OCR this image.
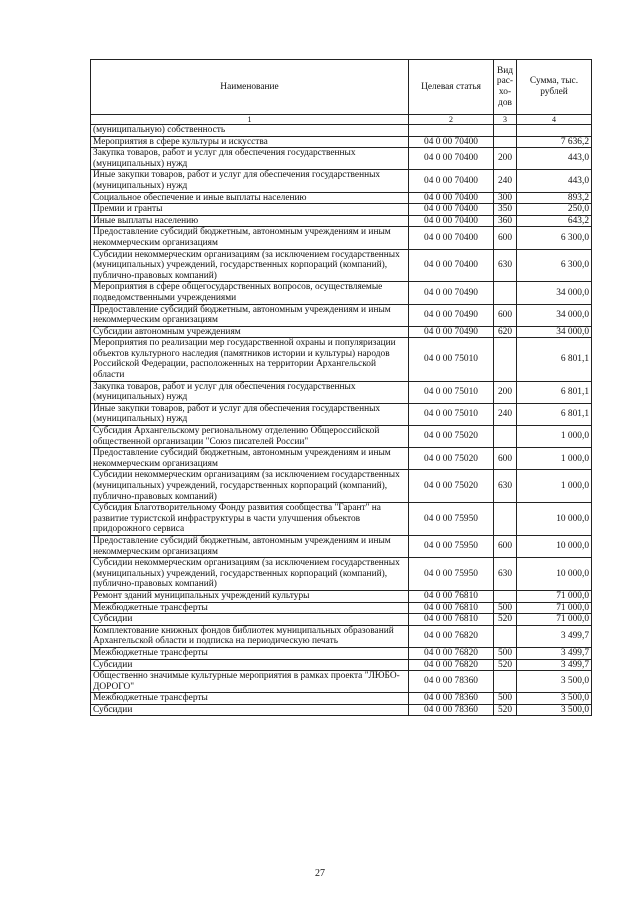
Наименование	Целевая статья	Вид рас-хо-дов	Сумма, тыс. рублей
1	2	3	4
(муниципальную) собственность			
Мероприятия в сфере культуры и искусства	04 0 00 70400		7 636,2
Закупка товаров, работ и услуг для обеспечения государственных (муниципальных) нужд	04 0 00 70400	200	443,0
Иные закупки товаров, работ и услуг для обеспечения государственных (муниципальных) нужд	04 0 00 70400	240	443,0
Социальное обеспечение и иные выплаты населению	04 0 00 70400	300	893,2
Премии и гранты	04 0 00 70400	350	250,0
Иные выплаты населению	04 0 00 70400	360	643,2
Предоставление субсидий бюджетным, автономным учреждениям и иным некоммерческим организациям	04 0 00 70400	600	6 300,0
Субсидии некоммерческим организациям (за исключением государственных (муниципальных) учреждений, государственных корпораций (компаний), публично-правовых компаний)	04 0 00 70400	630	6 300,0
Мероприятия в сфере общегосударственных вопросов, осуществляемые подведомственными учреждениями	04 0 00 70490		34 000,0
Предоставление субсидий бюджетным, автономным учреждениям и иным некоммерческим организациям	04 0 00 70490	600	34 000,0
Субсидии автономным учреждениям	04 0 00 70490	620	34 000,0
Мероприятия по реализации мер государственной охраны и популяризации объектов культурного наследия (памятников истории и культуры) народов Российской Федерации, расположенных на территории Архангельской области	04 0 00 75010		6 801,1
Закупка товаров, работ и услуг для обеспечения государственных (муниципальных) нужд	04 0 00 75010	200	6 801,1
Иные закупки товаров, работ и услуг для обеспечения государственных (муниципальных) нужд	04 0 00 75010	240	6 801,1
Субсидия Архангельскому региональному отделению Общероссийской общественной организации "Союз писателей России"	04 0 00 75020		1 000,0
Предоставление субсидий бюджетным, автономным учреждениям и иным некоммерческим организациям	04 0 00 75020	600	1 000,0
Субсидии некоммерческим организациям (за исключением государственных (муниципальных) учреждений, государственных корпораций (компаний), публично-правовых компаний)	04 0 00 75020	630	1 000,0
Субсидия Благотворительному Фонду развития сообщества "Гарант" на развитие туристской инфраструктуры в части улучшения объектов придорожного сервиса	04 0 00 75950		10 000,0
Предоставление субсидий бюджетным, автономным учреждениям и иным некоммерческим организациям	04 0 00 75950	600	10 000,0
Субсидии некоммерческим организациям (за исключением государственных (муниципальных) учреждений, государственных корпораций (компаний), публично-правовых компаний)	04 0 00 75950	630	10 000,0
Ремонт зданий муниципальных учреждений культуры	04 0 00 76810		71 000,0
Межбюджетные трансферты	04 0 00 76810	500	71 000,0
Субсидии	04 0 00 76810	520	71 000,0
Комплектование книжных фондов библиотек муниципальных образований Архангельской области и подписка на периодическую печать	04 0 00 76820		3 499,7
Межбюджетные трансферты	04 0 00 76820	500	3 499,7
Субсидии	04 0 00 76820	520	3 499,7
Общественно значимые культурные мероприятия в рамках проекта "ЛЮБО-ДОРОГО"	04 0 00 78360		3 500,0
Межбюджетные трансферты	04 0 00 78360	500	3 500,0
Субсидии	04 0 00 78360	520	3 500,0
27
